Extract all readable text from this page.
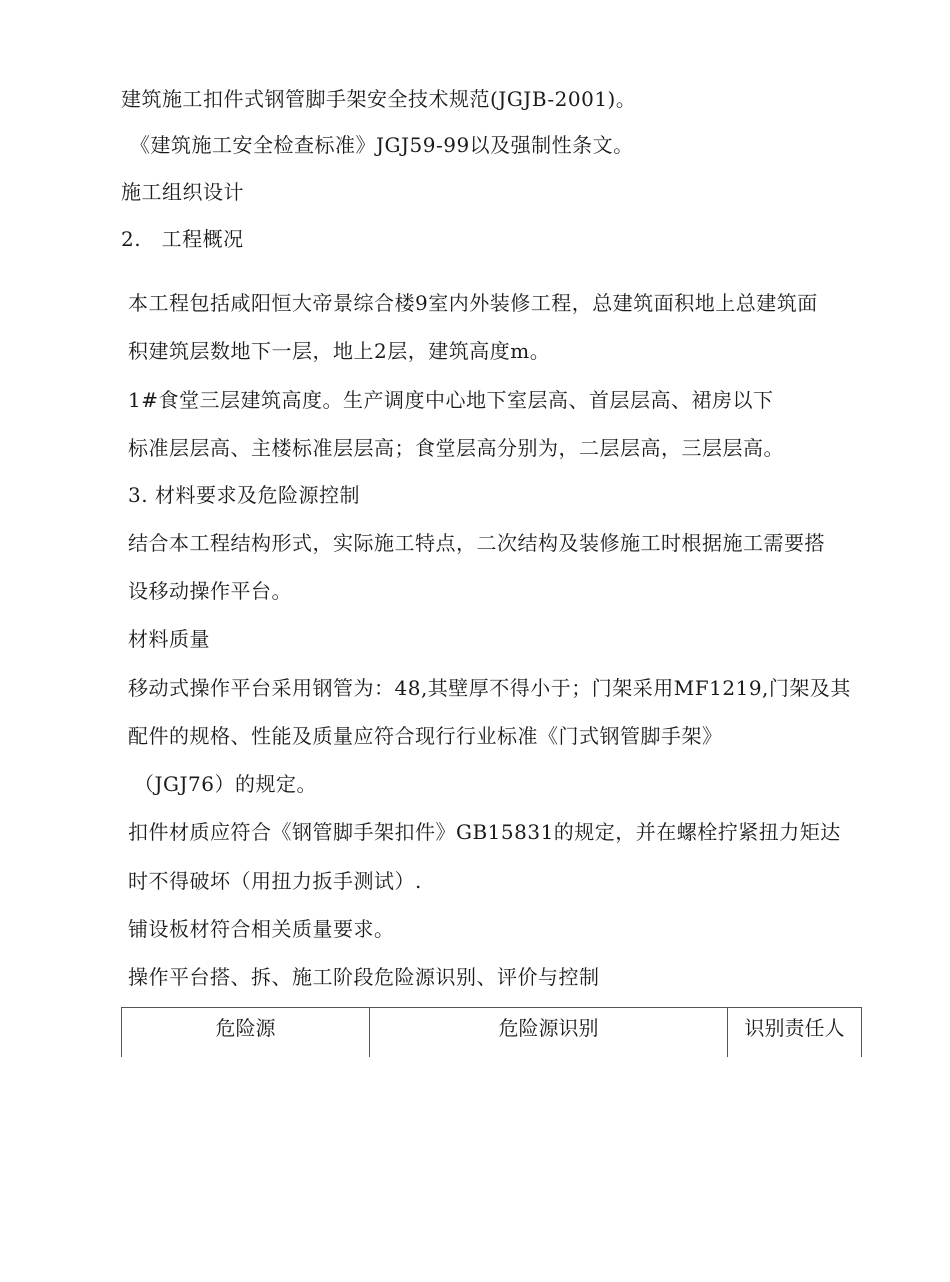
建筑施工扣件式钢管脚手架安全技术规范(JGJB-2001)。
《建筑施工安全检查标准》JGJ59-99以及强制性条文。
施工组织设计
2.　工程概况
本工程包括咸阳恒大帝景综合楼9室内外装修工程，总建筑面积地上总建筑面
积建筑层数地下一层，地上2层，建筑高度m。
1#食堂三层建筑高度。生产调度中心地下室层高、首层层高、裙房以下
标准层层高、主楼标准层层高；食堂层高分别为，二层层高，三层层高。
3. 材料要求及危险源控制
结合本工程结构形式，实际施工特点，二次结构及装修施工时根据施工需要搭
设移动操作平台。
材料质量
移动式操作平台采用钢管为：48,其壁厚不得小于；门架采用MF1219,门架及其
配件的规格、性能及质量应符合现行行业标准《门式钢管脚手架》
（JGJ76）的规定。
扣件材质应符合《钢管脚手架扣件》GB15831的规定，并在螺栓拧紧扭力矩达
时不得破坏（用扭力扳手测试）.
铺设板材符合相关质量要求。
操作平台搭、拆、施工阶段危险源识别、评价与控制
危险源	危险源识别	识别责任人
